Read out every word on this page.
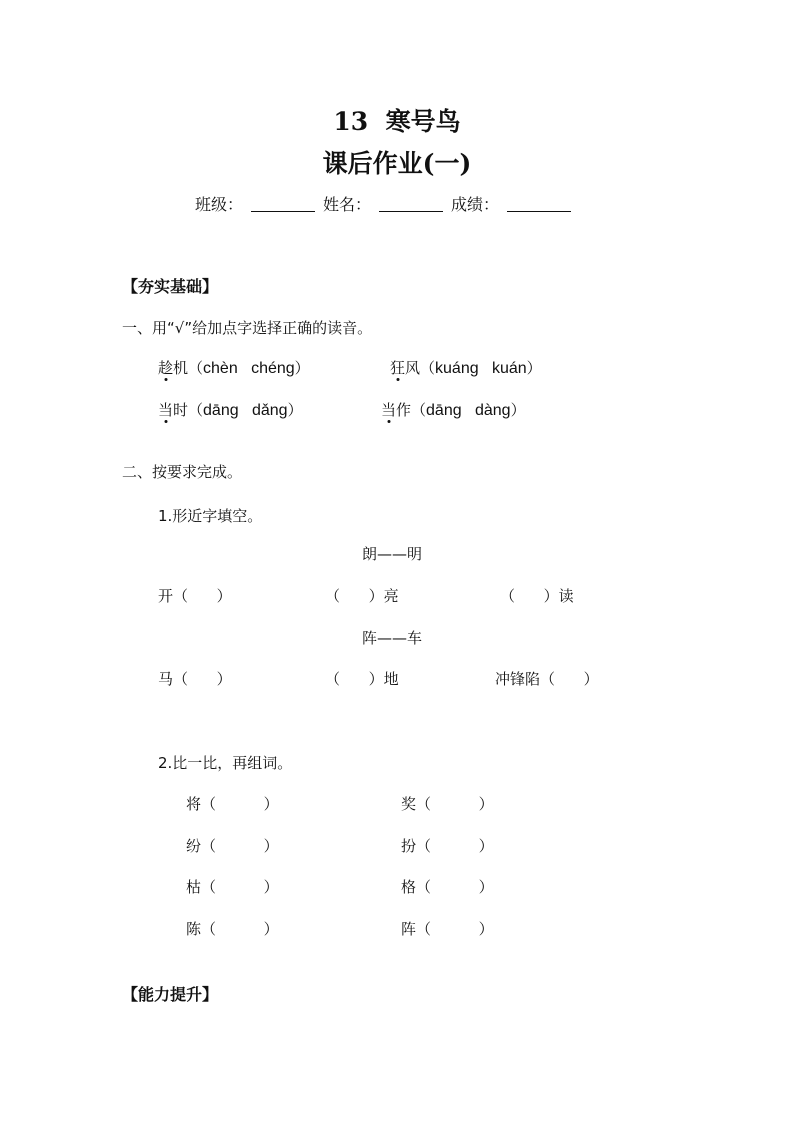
13  寒号鸟
课后作业(一)
班级：	姓名：	成绩：
【夯实基础】
一、用“√”给加点字选择正确的读音。
趁机（chèn   chéng）	狂风（kuáng   kuán）
当时（dāng   dǎng）	当作（dāng   dàng）
二、按要求完成。
1.形近字填空。
朗——明
开（      ）	（      ）亮	（      ）读
阵——车
马（      ）	（      ）地	冲锋陷（      ）
2.比一比，再组词。
将（          ）	奖（          ）
纷（          ）	扮（          ）
枯（          ）	格（          ）
陈（          ）	阵（          ）
【能力提升】
